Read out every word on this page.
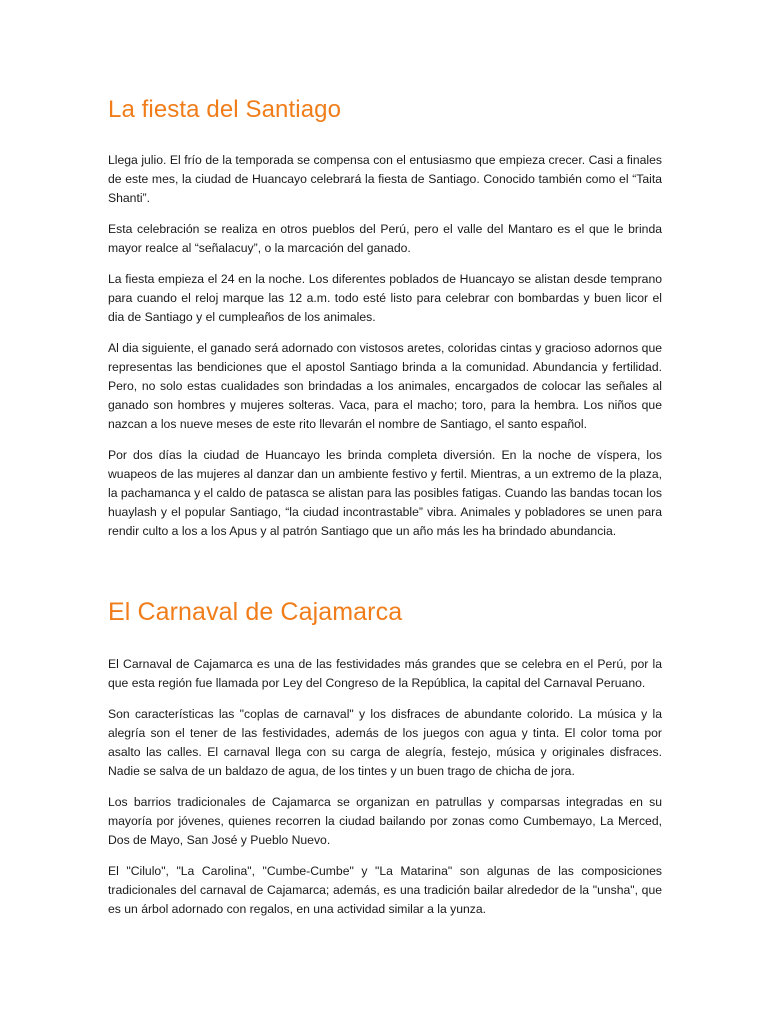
La fiesta del Santiago

Llega julio. El frío de la temporada se compensa con el entusiasmo que empieza crecer. Casi a finales de este mes, la ciudad de Huancayo celebrará la fiesta de Santiago. Conocido también como el “Taita Shanti”.

Esta celebración se realiza en otros pueblos del Perú, pero el valle del Mantaro es el que le brinda mayor realce al “señalacuy”, o la marcación del ganado.

La fiesta empieza el 24 en la noche. Los diferentes poblados de Huancayo se alistan desde temprano para cuando el reloj marque las 12 a.m. todo esté listo para celebrar con bombardas y buen licor el dia de Santiago y el cumpleaños de los animales.

Al dia siguiente, el ganado será adornado con vistosos aretes, coloridas cintas y gracioso adornos que representas las bendiciones que el apostol Santiago brinda a la comunidad. Abundancia y fertilidad. Pero, no solo estas cualidades son brindadas a los animales, encargados de colocar las señales al ganado son hombres y mujeres solteras. Vaca, para el macho; toro, para la hembra. Los niños que nazcan a los nueve meses de este rito llevarán el nombre de Santiago, el santo español.

Por dos días la ciudad de Huancayo les brinda completa diversión. En la noche de víspera, los wuapeos de las mujeres al danzar dan un ambiente festivo y fertil. Mientras, a un extremo de la plaza, la pachamanca y el caldo de patasca se alistan para las posibles fatigas. Cuando las bandas tocan los huaylash y el popular Santiago, “la ciudad incontrastable” vibra. Animales y pobladores se unen para rendir culto a los a los Apus y al patrón Santiago que un año más les ha brindado abundancia.

El Carnaval de Cajamarca

El Carnaval de Cajamarca es una de las festividades más grandes que se celebra en el Perú, por la que esta región fue llamada por Ley del Congreso de la República, la capital del Carnaval Peruano.

Son características las "coplas de carnaval" y los disfraces de abundante colorido. La música y la alegría son el tener de las festividades, además de los juegos con agua y tinta. El color toma por asalto las calles. El carnaval llega con su carga de alegría, festejo, música y originales disfraces. Nadie se salva de un baldazo de agua, de los tintes y un buen trago de chicha de jora.

Los barrios tradicionales de Cajamarca se organizan en patrullas y comparsas integradas en su mayoría por jóvenes, quienes recorren la ciudad bailando por zonas como Cumbemayo, La Merced, Dos de Mayo, San José y Pueblo Nuevo.

El "Cilulo", "La Carolina", "Cumbe-Cumbe" y "La Matarina" son algunas de las composiciones tradicionales del carnaval de Cajamarca; además, es una tradición bailar alrededor de la "unsha", que es un árbol adornado con regalos, en una actividad similar a la yunza.
